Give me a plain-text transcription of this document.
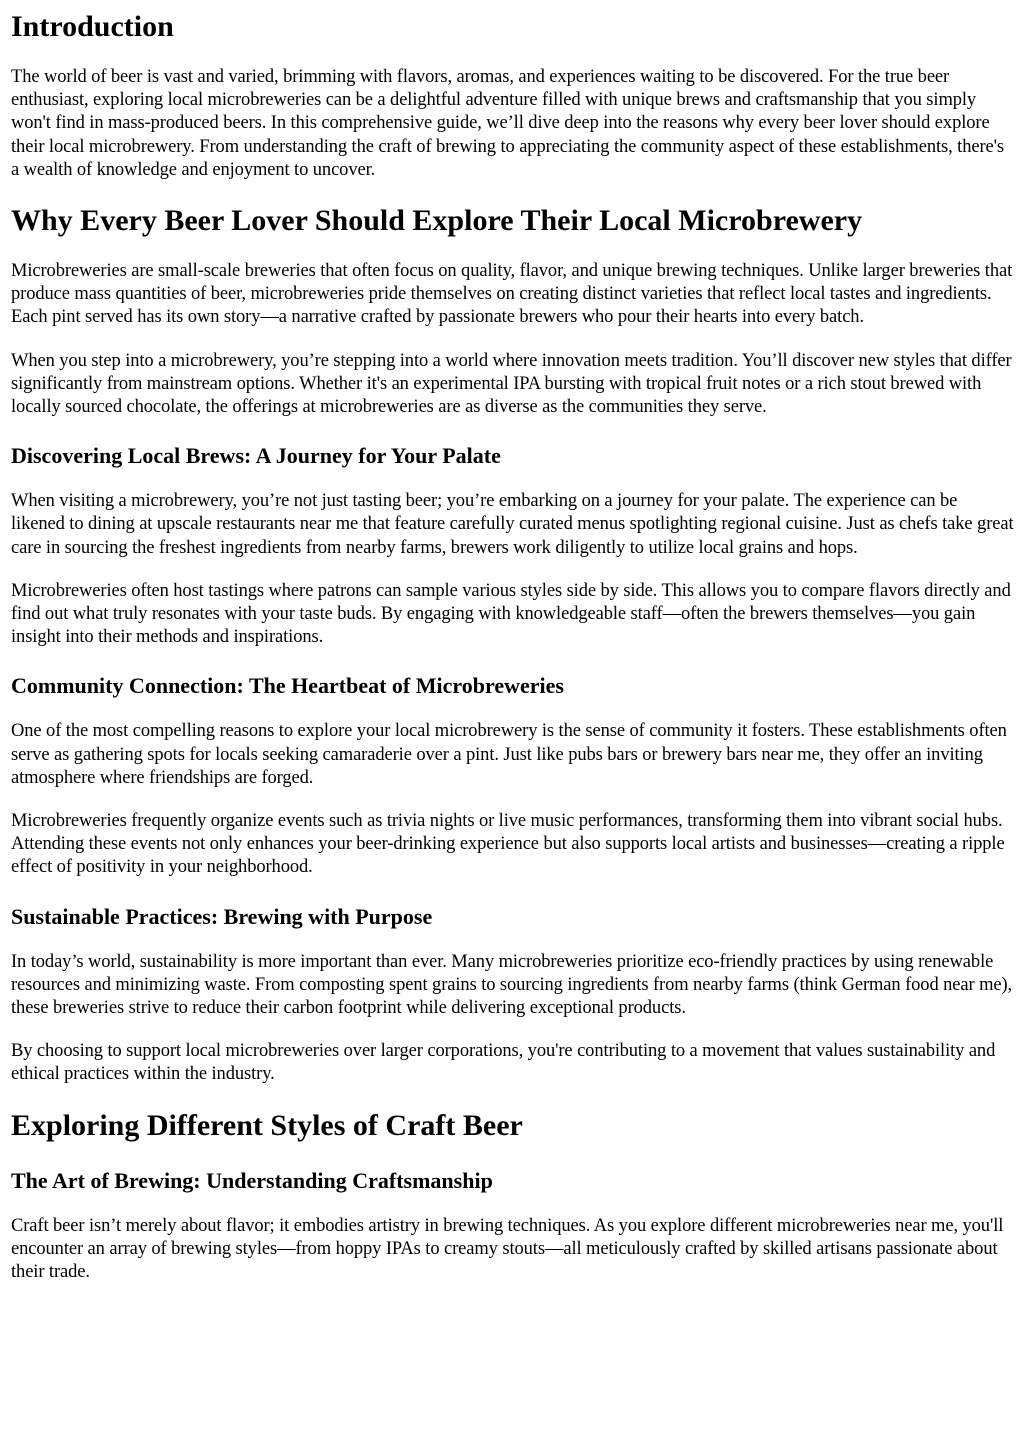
Introduction

The world of beer is vast and varied, brimming with flavors, aromas, and experiences waiting to be discovered. For the true beer enthusiast, exploring local microbreweries can be a delightful adventure filled with unique brews and craftsmanship that you simply won't find in mass-produced beers. In this comprehensive guide, we’ll dive deep into the reasons why every beer lover should explore their local microbrewery. From understanding the craft of brewing to appreciating the community aspect of these establishments, there's a wealth of knowledge and enjoyment to uncover.

Why Every Beer Lover Should Explore Their Local Microbrewery

Microbreweries are small-scale breweries that often focus on quality, flavor, and unique brewing techniques. Unlike larger breweries that produce mass quantities of beer, microbreweries pride themselves on creating distinct varieties that reflect local tastes and ingredients. Each pint served has its own story—a narrative crafted by passionate brewers who pour their hearts into every batch.

When you step into a microbrewery, you’re stepping into a world where innovation meets tradition. You’ll discover new styles that differ significantly from mainstream options. Whether it's an experimental IPA bursting with tropical fruit notes or a rich stout brewed with locally sourced chocolate, the offerings at microbreweries are as diverse as the communities they serve.

Discovering Local Brews: A Journey for Your Palate

When visiting a microbrewery, you’re not just tasting beer; you’re embarking on a journey for your palate. The experience can be likened to dining at upscale restaurants near me that feature carefully curated menus spotlighting regional cuisine. Just as chefs take great care in sourcing the freshest ingredients from nearby farms, brewers work diligently to utilize local grains and hops.

Microbreweries often host tastings where patrons can sample various styles side by side. This allows you to compare flavors directly and find out what truly resonates with your taste buds. By engaging with knowledgeable staff—often the brewers themselves—you gain insight into their methods and inspirations.

Community Connection: The Heartbeat of Microbreweries

One of the most compelling reasons to explore your local microbrewery is the sense of community it fosters. These establishments often serve as gathering spots for locals seeking camaraderie over a pint. Just like pubs bars or brewery bars near me, they offer an inviting atmosphere where friendships are forged.

Microbreweries frequently organize events such as trivia nights or live music performances, transforming them into vibrant social hubs. Attending these events not only enhances your beer-drinking experience but also supports local artists and businesses—creating a ripple effect of positivity in your neighborhood.

Sustainable Practices: Brewing with Purpose

In today’s world, sustainability is more important than ever. Many microbreweries prioritize eco-friendly practices by using renewable resources and minimizing waste. From composting spent grains to sourcing ingredients from nearby farms (think German food near me), these breweries strive to reduce their carbon footprint while delivering exceptional products.

By choosing to support local microbreweries over larger corporations, you're contributing to a movement that values sustainability and ethical practices within the industry.

Exploring Different Styles of Craft Beer
The Art of Brewing: Understanding Craftsmanship

Craft beer isn’t merely about flavor; it embodies artistry in brewing techniques. As you explore different microbreweries near me, you'll encounter an array of brewing styles—from hoppy IPAs to creamy stouts—all meticulously crafted by skilled artisans passionate about their trade.
